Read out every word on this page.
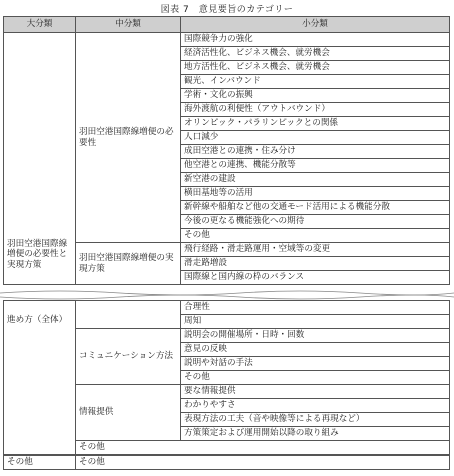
図表 7　意見要旨のカテゴリー
大分類	中分類	小分類
羽田空港国際線増便の必要性と実現方策	羽田空港国際線増便の必要性	国際競争力の強化
		経済活性化、ビジネス機会、就労機会
		地方活性化、ビジネス機会、就労機会
		観光、インバウンド
		学術・文化の振興
		海外渡航の利便性（アウトバウンド）
		オリンピック・パラリンピックとの関係
		人口減少
		成田空港との連携・住み分け
		他空港との連携、機能分散等
		新空港の建設
		横田基地等の活用
		新幹線や船舶など他の交通モード活用による機能分散
		今後の更なる機能強化への期待
		その他
	羽田空港国際線増便の実現方策	飛行経路・滑走路運用・空域等の変更
		滑走路増設
		国際線と国内線の枠のバランス
進め方（全体）		合理性
		周知
	コミュニケーション方法	説明会の開催場所・日時・回数
		意見の反映
		説明や対話の手法
		その他
	情報提供	要な情報提供
		わかりやすさ
		表現方法の工夫（音や映像等による再現など）
		方策策定および運用開始以降の取り組み
	その他	
その他	その他
